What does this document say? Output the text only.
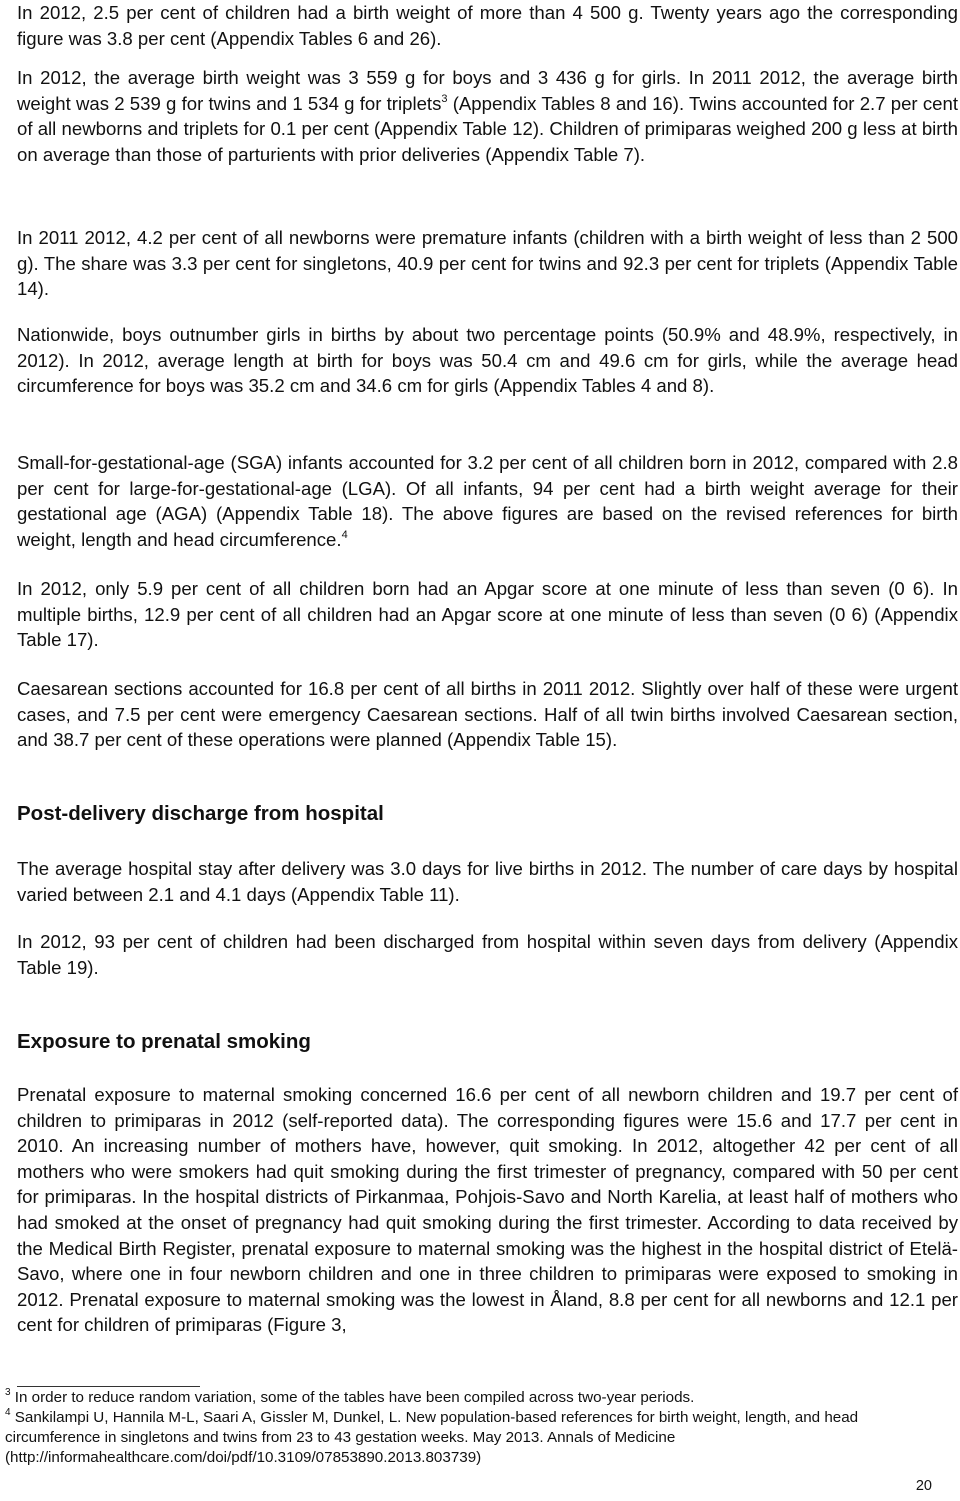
In 2012, 2.5 per cent of children had a birth weight of more than 4 500 g. Twenty years ago the corresponding figure was 3.8 per cent (Appendix Tables 6 and 26).

In 2012, the average birth weight was 3 559 g for boys and 3 436 g for girls. In 2011 2012, the average birth weight was 2 539 g for twins and 1 534 g for triplets$^3$ (Appendix Tables 8 and 16). Twins accounted for 2.7 per cent of all newborns and triplets for 0.1 per cent (Appendix Table 12). Children of primiparas weighed 200 g less at birth on average than those of parturients with prior deliveries (Appendix Table 7).

In 2011 2012, 4.2 per cent of all newborns were premature infants (children with a birth weight of less than 2 500 g). The share was 3.3 per cent for singletons, 40.9 per cent for twins and 92.3 per cent for triplets (Appendix Table 14).

Nationwide, boys outnumber girls in births by about two percentage points (50.9% and 48.9%, respectively, in 2012). In 2012, average length at birth for boys was 50.4 cm and 49.6 cm for girls, while the average head circumference for boys was 35.2 cm and 34.6 cm for girls (Appendix Tables 4 and 8).

Small-for-gestational-age (SGA) infants accounted for 3.2 per cent of all children born in 2012, compared with 2.8 per cent for large-for-gestational-age (LGA). Of all infants, 94 per cent had a birth weight average for their gestational age (AGA) (Appendix Table 18). The above figures are based on the revised references for birth weight, length and head circumference.$^4$

In 2012, only 5.9 per cent of all children born had an Apgar score at one minute of less than seven (0 6). In multiple births, 12.9 per cent of all children had an Apgar score at one minute of less than seven (0 6) (Appendix Table 17).

Caesarean sections accounted for 16.8 per cent of all births in 2011 2012. Slightly over half of these were urgent cases, and 7.5 per cent were emergency Caesarean sections. Half of all twin births involved Caesarean section, and 38.7 per cent of these operations were planned (Appendix Table 15).

Post-delivery discharge from hospital

The average hospital stay after delivery was 3.0 days for live births in 2012. The number of care days by hospital varied between 2.1 and 4.1 days (Appendix Table 11).

In 2012, 93 per cent of children had been discharged from hospital within seven days from delivery (Appendix Table 19).

Exposure to prenatal smoking

Prenatal exposure to maternal smoking concerned 16.6 per cent of all newborn children and 19.7 per cent of children to primiparas in 2012 (self-reported data). The corresponding figures were 15.6 and 17.7 per cent in 2010. An increasing number of mothers have, however, quit smoking. In 2012, altogether 42 per cent of all mothers who were smokers had quit smoking during the first trimester of pregnancy, compared with 50 per cent for primiparas. In the hospital districts of Pirkanmaa, Pohjois-Savo and North Karelia, at least half of mothers who had smoked at the onset of pregnancy had quit smoking during the first trimester. According to data received by the Medical Birth Register, prenatal exposure to maternal smoking was the highest in the hospital district of Etelä-Savo, where one in four newborn children and one in three children to primiparas were exposed to smoking in 2012. Prenatal exposure to maternal smoking was the lowest in Åland, 8.8 per cent for all newborns and 12.1 per cent for children of primiparas (Figure 3,

$^3$ In order to reduce random variation, some of the tables have been compiled across two-year periods.

$^4$ Sankilampi U, Hannila M-L, Saari A, Gissler M, Dunkel, L. New population-based references for birth weight, length, and head circumference in singletons and twins from 23 to 43 gestation weeks. May 2013. Annals of Medicine (http://informahealthcare.com/doi/pdf/10.3109/07853890.2013.803739)

20
